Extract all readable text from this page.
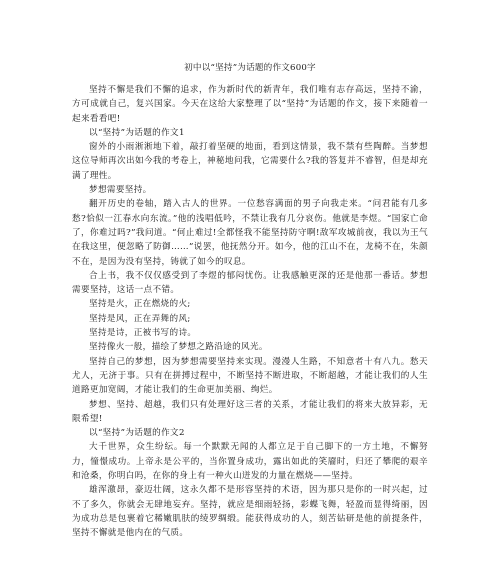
初中以“坚持”为话题的作文600字

坚持不懈是我们不懈的追求，作为新时代的新青年，我们唯有志存高远，坚持不渝，方可成就自己，复兴国家。今天在这给大家整理了以“坚持”为话题的作文，接下来随着一起来看看吧!

以“坚持”为话题的作文1

窗外的小雨淅淅地下着，敲打着坚硬的地面，看到这情景，我不禁有些陶醉。当梦想这位导师再次出如今我的考卷上，神秘地问我，它需要什么?我的答复并不睿智，但是却充满了理性。

梦想需要坚持。

翻开历史的卷轴，踏入古人的世界。一位愁容满面的男子向我走来。“问君能有几多愁?恰似一江春水向东流。”他的浅唱低吟，不禁让我有几分哀伤。他就是李煜。“国家亡命了，你难过吗?”我问道。“何止难过!全都怪我不能坚持防守啊!敌军攻城前夜，我以为王气在我这里，便忽略了防御……”说罢，他抚然分开。如今，他的江山不在，龙椅不在，朱颜不在，是因为没有坚持，铸就了如今的叹息。

合上书，我不仅仅感受到了李煜的郁闷忧伤。让我感触更深的还是他那一番话。梦想需要坚持，这话一点不错。

坚持是火，正在燃烧的火;

坚持是风，正在弄舞的风;

坚持是诗，正被书写的诗。

坚持像火一般，描绘了梦想之路沿途的风光。

坚持自己的梦想，因为梦想需要坚持来实现。漫漫人生路，不知意者十有八九。愁天尤人，无济于事。只有在拼搏过程中，不断坚持不断进取，不断超越，才能让我们的人生道路更加宽阔，才能让我们的生命更加美丽、绚烂。

梦想、坚持、超越，我们只有处理好这三者的关系，才能让我们的将来大放异彩，无限希望!

以“坚持”为话题的作文2

大千世界，众生纷纭。每一个默默无闻的人都立足于自己脚下的一方土地，不懈努力，憧憬成功。上帝永是公平的，当你置身成功，露出如此的笑靥时，归还了攀爬的艰辛和沧桑，你明白吗，在你的身上有一种火山迸发的力量在燃烧——坚持。

雄浑激昂，豪迈壮阔，这永久都不是形容坚持的术语，因为那只是你的一时兴起，过不了多久，你就会无肆地妄弃。坚持，就应是细雨轻扬，彩蝶飞舞，轻盈而显得绮丽，因为成功总是包裹着它稀嫩肌肤的绫罗绸缎。能获得成功的人，刻苦钻研是他的前提条件，坚持不懈就是他内在的气质。
